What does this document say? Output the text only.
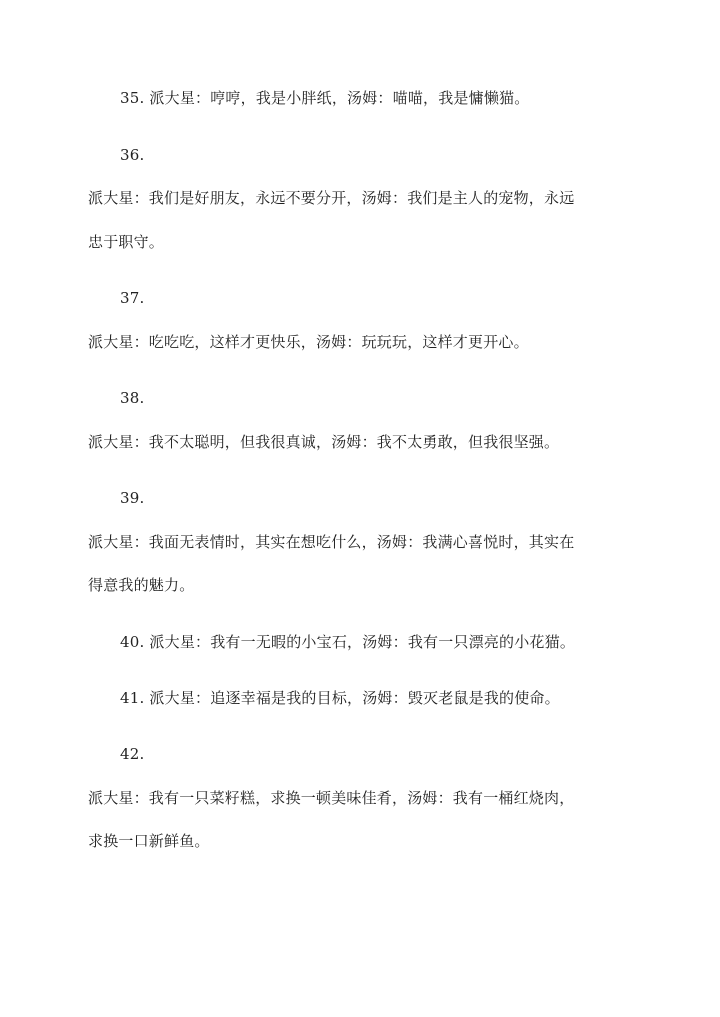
35. 派大星：哼哼，我是小胖纸，汤姆：喵喵，我是慵懒猫。
36.
派大星：我们是好朋友，永远不要分开，汤姆：我们是主人的宠物，永远
忠于职守。
37.
派大星：吃吃吃，这样才更快乐，汤姆：玩玩玩，这样才更开心。
38.
派大星：我不太聪明，但我很真诚，汤姆：我不太勇敢，但我很坚强。
39.
派大星：我面无表情时，其实在想吃什么，汤姆：我满心喜悦时，其实在
得意我的魅力。
40. 派大星：我有一无暇的小宝石，汤姆：我有一只漂亮的小花猫。
41. 派大星：追逐幸福是我的目标，汤姆：毁灭老鼠是我的使命。
42.
派大星：我有一只菜籽糕，求换一顿美味佳肴，汤姆：我有一桶红烧肉，
求换一口新鲜鱼。
